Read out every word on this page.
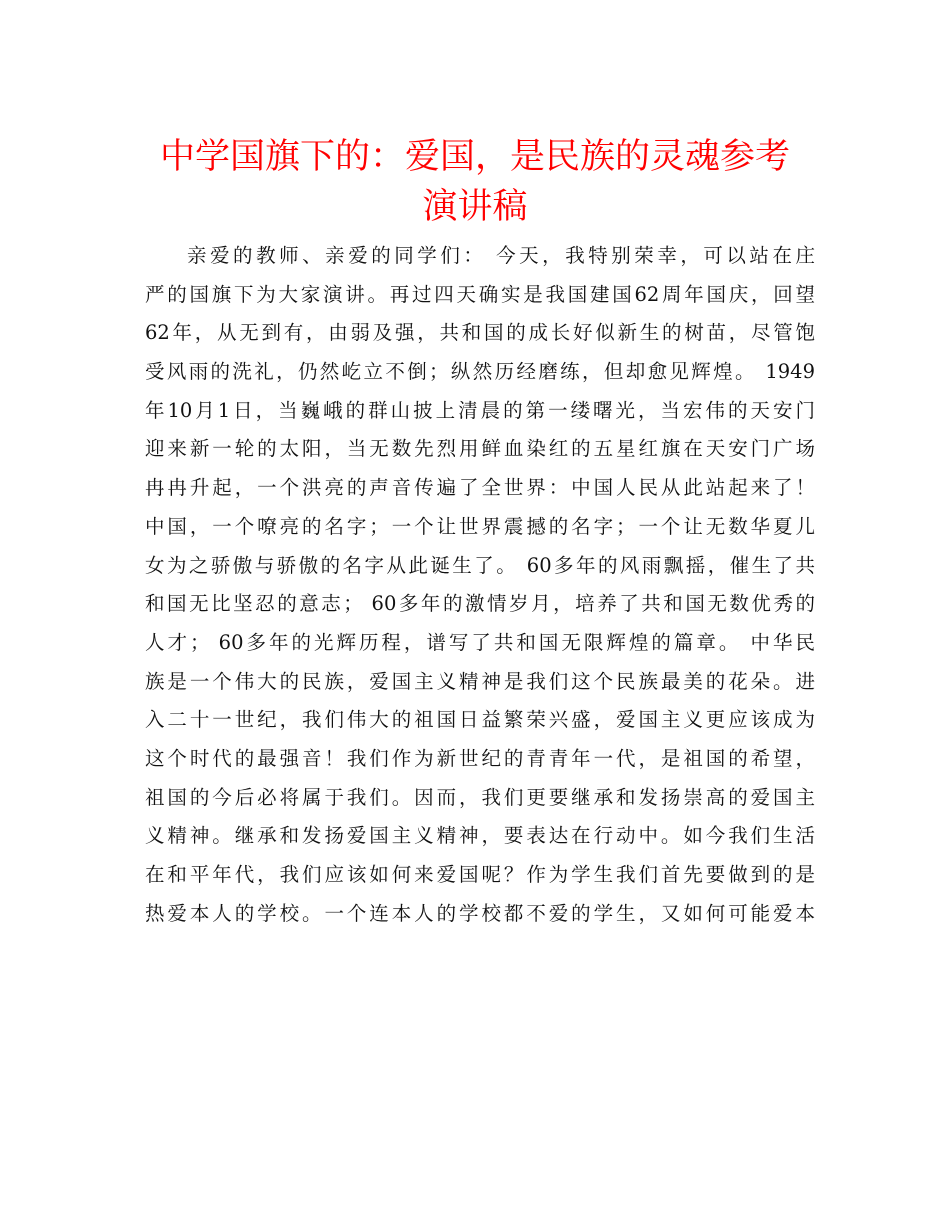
中学国旗下的：爱国，是民族的灵魂参考
演讲稿
亲爱的教师、亲爱的同学们： 今天，我特别荣幸，可以站在庄
严的国旗下为大家演讲。再过四天确实是我国建国62周年国庆，回望
62年，从无到有，由弱及强，共和国的成长好似新生的树苗，尽管饱
受风雨的洗礼，仍然屹立不倒；纵然历经磨练，但却愈见辉煌。 1949
年10月1日，当巍峨的群山披上清晨的第一缕曙光，当宏伟的天安门
迎来新一轮的太阳，当无数先烈用鲜血染红的五星红旗在天安门广场
冉冉升起，一个洪亮的声音传遍了全世界：中国人民从此站起来了！
中国，一个嘹亮的名字；一个让世界震撼的名字；一个让无数华夏儿
女为之骄傲与骄傲的名字从此诞生了。 60多年的风雨飘摇，催生了共
和国无比坚忍的意志； 60多年的激情岁月，培养了共和国无数优秀的
人才； 60多年的光辉历程，谱写了共和国无限辉煌的篇章。 中华民
族是一个伟大的民族，爱国主义精神是我们这个民族最美的花朵。进
入二十一世纪，我们伟大的祖国日益繁荣兴盛，爱国主义更应该成为
这个时代的最强音！我们作为新世纪的青青年一代，是祖国的希望，
祖国的今后必将属于我们。因而，我们更要继承和发扬崇高的爱国主
义精神。继承和发扬爱国主义精神，要表达在行动中。如今我们生活
在和平年代，我们应该如何来爱国呢？作为学生我们首先要做到的是
热爱本人的学校。一个连本人的学校都不爱的学生，又如何可能爱本
